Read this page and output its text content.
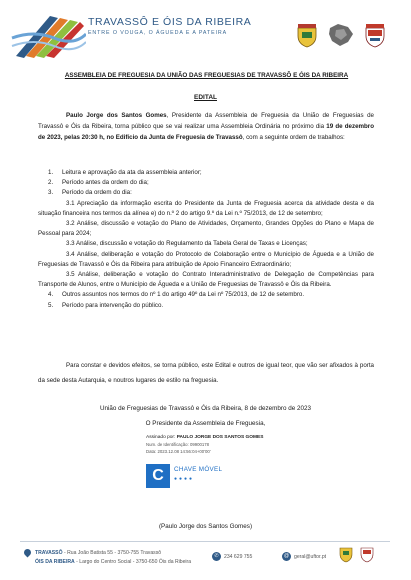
TRAVASSÔ E ÓIS DA RIBEIRA
ENTRE O VOUGA, O ÁGUEDA E A PATEIRA
ASSEMBLEIA DE FREGUESIA DA UNIÃO DAS FREGUESIAS DE TRAVASSÔ E ÓIS DA RIBEIRA
EDITAL
Paulo Jorge dos Santos Gomes, Presidente da Assembleia de Freguesia da União de Freguesias de Travassô e Óis da Ribeira, torna público que se vai realizar uma Assembleia Ordinária no próximo dia 19 de dezembro de 2023, pelas 20:30 h, no Edifício da Junta de Freguesia de Travassô, com a seguinte ordem de trabalhos:
1. Leitura e aprovação da ata da assembleia anterior;
2. Período antes da ordem do dia;
3. Período da ordem do dia:
3.1 Apreciação da informação escrita do Presidente da Junta de Freguesia acerca da atividade desta e da situação financeira nos termos da alínea e) do n.º 2 do artigo 9.º da Lei n.º 75/2013, de 12 de setembro;
3.2 Análise, discussão e votação do Plano de Atividades, Orçamento, Grandes Opções do Plano e Mapa de Pessoal para 2024;
3.3 Análise, discussão e votação do Regulamento da Tabela Geral de Taxas e Licenças;
3.4 Análise, deliberação e votação do Protocolo de Colaboração entre o Município de Águeda e a União de Freguesias de Travassô e Óis da Ribeira para atribuição de Apoio Financeiro Extraordinário;
3.5 Análise, deliberação e votação do Contrato Interadministrativo de Delegação de Competências para Transporte de Alunos, entre o Município de Águeda e a União de Freguesias de Travassô e Óis da Ribeira.
4. Outros assuntos nos termos do nº 1 do artigo 49º da Lei nº 75/2013, de 12 de setembro.
5. Período para intervenção do público.
Para constar e devidos efeitos, se torna público, este Edital e outros de igual teor, que vão ser afixados à porta da sede desta Autarquia, e noutros lugares de estilo na freguesia.
União de Freguesias de Travassô e Óis da Ribeira, 8 de dezembro de 2023
O Presidente da Assembleia de Freguesia,
Assinado por: PAULO JORGE DOS SANTOS GOMES
Num. de Identificação: 09900178
Data: 2023.12.08 14:56:04+00'00'
C	CHAVE MÓVEL
●●●●
(Paulo Jorge dos Santos Gomes)
TRAVASSÔ - Rua João Batista 55 - 3750-755 Travassô
ÓIS DA RIBEIRA - Largo do Centro Social - 3750-650 Óis da Ribeira
✆ 234 629 755	@ geral@uftor.pt
